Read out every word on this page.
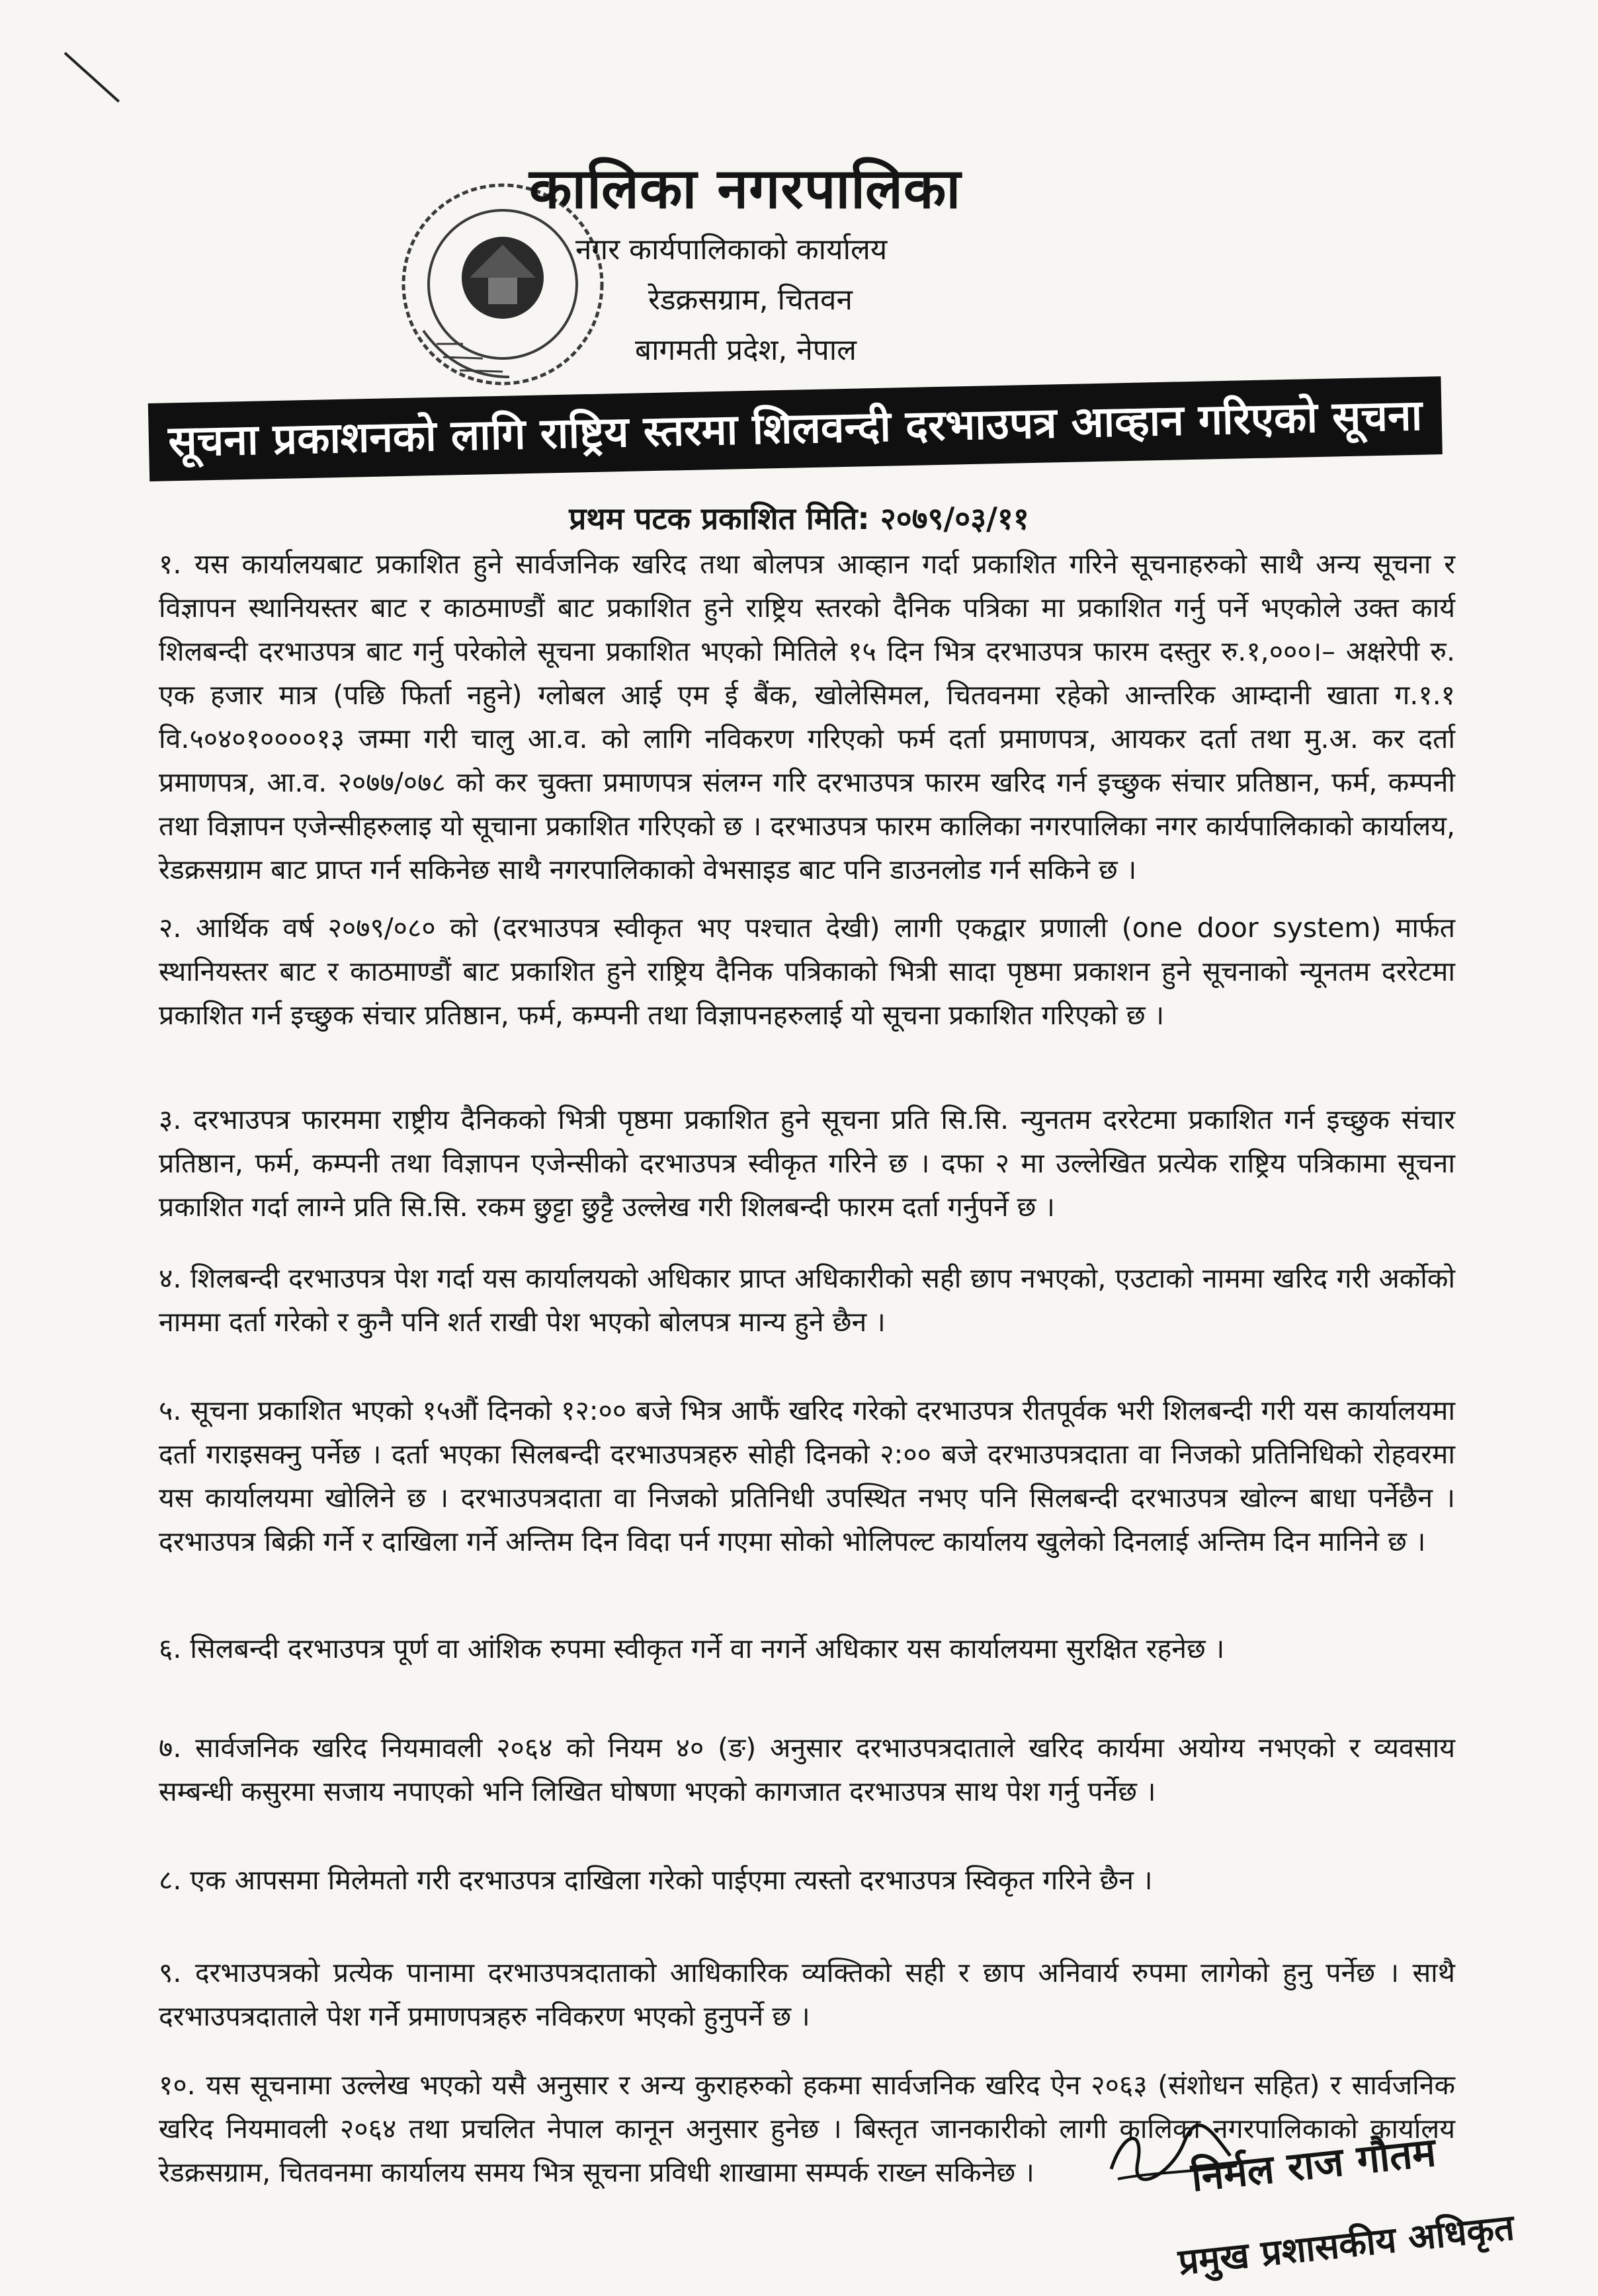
कालिका नगरपालिका
नगर कार्यपालिकाको कार्यालय
रेडक्रसग्राम, चितवन
बागमती प्रदेश, नेपाल
सूचना प्रकाशनको लागि राष्ट्रिय स्तरमा शिलवन्दी दरभाउपत्र आव्हान गरिएको सूचना
प्रथम पटक प्रकाशित मिति: २०७९/०३/११
१. यस कार्यालयबाट प्रकाशित हुने सार्वजनिक खरिद तथा बोलपत्र आव्हान गर्दा प्रकाशित गरिने सूचनाहरुको साथै अन्य सूचना र विज्ञापन स्थानियस्तर बाट र काठमाण्डौं बाट प्रकाशित हुने राष्ट्रिय स्तरको दैनिक पत्रिका मा प्रकाशित गर्नु पर्ने भएकोले उक्त कार्य शिलबन्दी दरभाउपत्र बाट गर्नु परेकोले सूचना प्रकाशित भएको मितिले १५ दिन भित्र दरभाउपत्र फारम दस्तुर रु.१,०००।– अक्षरेपी रु. एक हजार मात्र (पछि फिर्ता नहुने) ग्लोबल आई एम ई बैंक, खोलेसिमल, चितवनमा रहेको आन्तरिक आम्दानी खाता ग.१.१ वि.५०४०१००००१३ जम्मा गरी चालु आ.व. को लागि नविकरण गरिएको फर्म दर्ता प्रमाणपत्र, आयकर दर्ता तथा मु.अ. कर दर्ता प्रमाणपत्र, आ.व. २०७७/०७८ को कर चुक्ता प्रमाणपत्र संलग्न गरि दरभाउपत्र फारम खरिद गर्न इच्छुक संचार प्रतिष्ठान, फर्म, कम्पनी तथा विज्ञापन एजेन्सीहरुलाइ यो सूचाना प्रकाशित गरिएको छ । दरभाउपत्र फारम कालिका नगरपालिका नगर कार्यपालिकाको कार्यालय, रेडक्रसग्राम बाट प्राप्त गर्न सकिनेछ साथै नगरपालिकाको वेभसाइड बाट पनि डाउनलोड गर्न सकिने छ ।
२. आर्थिक वर्ष २०७९/०८० को (दरभाउपत्र स्वीकृत भए पश्चात देखी) लागी एकद्वार प्रणाली (one door system) मार्फत स्थानियस्तर बाट र काठमाण्डौं बाट प्रकाशित हुने राष्ट्रिय दैनिक पत्रिकाको भित्री सादा पृष्ठमा प्रकाशन हुने सूचनाको न्यूनतम दररेटमा प्रकाशित गर्न इच्छुक संचार प्रतिष्ठान, फर्म, कम्पनी तथा विज्ञापनहरुलाई यो सूचना प्रकाशित गरिएको छ ।
३. दरभाउपत्र फारममा राष्ट्रीय दैनिकको भित्री पृष्ठमा प्रकाशित हुने सूचना प्रति सि.सि. न्युनतम दररेटमा प्रकाशित गर्न इच्छुक संचार प्रतिष्ठान, फर्म, कम्पनी तथा विज्ञापन एजेन्सीको दरभाउपत्र स्वीकृत गरिने छ । दफा २ मा उल्लेखित प्रत्येक राष्ट्रिय पत्रिकामा सूचना प्रकाशित गर्दा लाग्ने प्रति सि.सि. रकम छुट्टा छुट्टै उल्लेख गरी शिलबन्दी फारम दर्ता गर्नुपर्ने छ ।
४. शिलबन्दी दरभाउपत्र पेश गर्दा यस कार्यालयको अधिकार प्राप्त अधिकारीको सही छाप नभएको, एउटाको नाममा खरिद गरी अर्कोको नाममा दर्ता गरेको र कुनै पनि शर्त राखी पेश भएको बोलपत्र मान्य हुने छैन ।
५. सूचना प्रकाशित भएको १५औं दिनको १२:०० बजे भित्र आफैं खरिद गरेको दरभाउपत्र रीतपूर्वक भरी शिलबन्दी गरी यस कार्यालयमा दर्ता गराइसक्नु पर्नेछ । दर्ता भएका सिलबन्दी दरभाउपत्रहरु सोही दिनको २:०० बजे दरभाउपत्रदाता वा निजको प्रतिनिधिको रोहवरमा यस कार्यालयमा खोलिने छ । दरभाउपत्रदाता वा निजको प्रतिनिधी उपस्थित नभए पनि सिलबन्दी दरभाउपत्र खोल्न बाधा पर्नेछैन । दरभाउपत्र बिक्री गर्ने र दाखिला गर्ने अन्तिम दिन विदा पर्न गएमा सोको भोलिपल्ट कार्यालय खुलेको दिनलाई अन्तिम दिन मानिने छ ।
६. सिलबन्दी दरभाउपत्र पूर्ण वा आंशिक रुपमा स्वीकृत गर्ने वा नगर्ने अधिकार यस कार्यालयमा सुरक्षित रहनेछ ।
७. सार्वजनिक खरिद नियमावली २०६४ को नियम ४० (ङ) अनुसार दरभाउपत्रदाताले खरिद कार्यमा अयोग्य नभएको र व्यवसाय सम्बन्धी कसुरमा सजाय नपाएको भनि लिखित घोषणा भएको कागजात दरभाउपत्र साथ पेश गर्नु पर्नेछ ।
८. एक आपसमा मिलेमतो गरी दरभाउपत्र दाखिला गरेको पाईएमा त्यस्तो दरभाउपत्र स्विकृत गरिने छैन ।
९. दरभाउपत्रको प्रत्येक पानामा दरभाउपत्रदाताको आधिकारिक व्यक्तिको सही र छाप अनिवार्य रुपमा लागेको हुनु पर्नेछ । साथै दरभाउपत्रदाताले पेश गर्ने प्रमाणपत्रहरु नविकरण भएको हुनुपर्ने छ ।
१०. यस सूचनामा उल्लेख भएको यसै अनुसार र अन्य कुराहरुको हकमा सार्वजनिक खरिद ऐन २०६३ (संशोधन सहित) र सार्वजनिक खरिद नियमावली २०६४ तथा प्रचलित नेपाल कानून अनुसार हुनेछ । बिस्तृत जानकारीको लागी कालिका नगरपालिकाको कार्यालय रेडक्रसग्राम, चितवनमा कार्यालय समय भित्र सूचना प्रविधी शाखामा सम्पर्क राख्न सकिनेछ ।	निर्मल राज गौतम
प्रमुख प्रशासकीय अधिकृत
